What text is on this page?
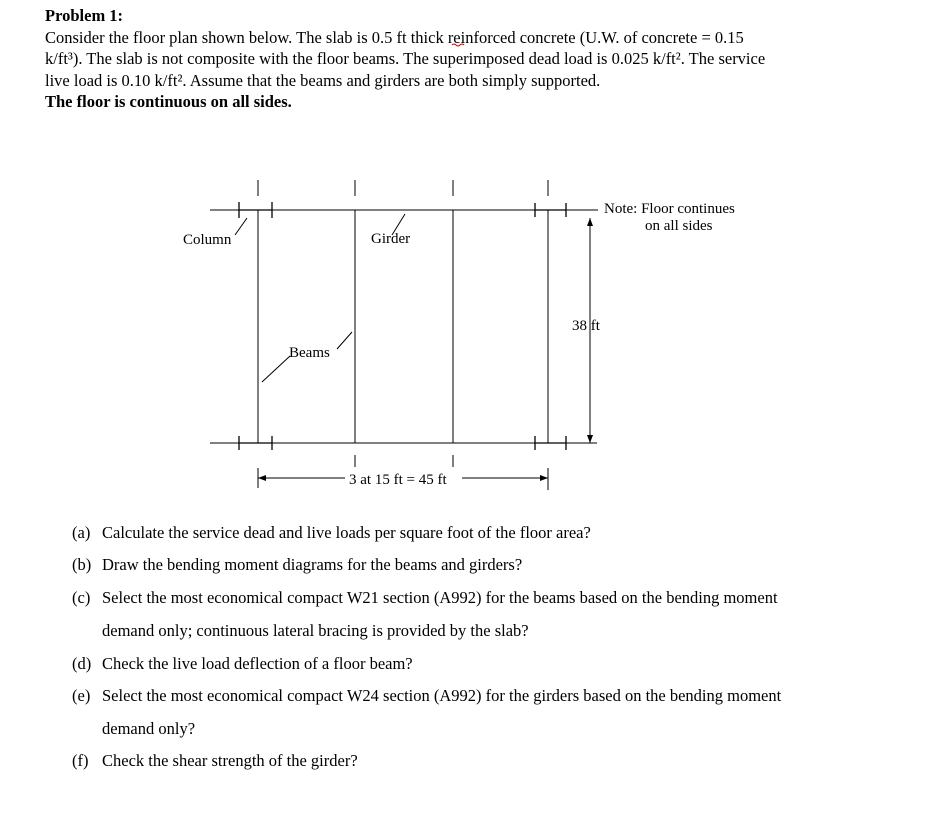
Problem 1:
Consider the floor plan shown below. The slab is 0.5 ft thick reinforced concrete (U.W. of concrete = 0.15
k/ft³). The slab is not composite with the floor beams. The superimposed dead load is 0.025 k/ft². The service
live load is 0.10 k/ft². Assume that the beams and girders are both simply supported.
The floor is continuous on all sides.
Column	Girder
Beams
Note: Floor continues
on all sides
38 ft
3 at 15 ft = 45 ft
(a) Calculate the service dead and live loads per square foot of the floor area?
(b) Draw the bending moment diagrams for the beams and girders?
(c) Select the most economical compact W21 section (A992) for the beams based on the bending moment
demand only; continuous lateral bracing is provided by the slab?
(d) Check the live load deflection of a floor beam?
(e) Select the most economical compact W24 section (A992) for the girders based on the bending moment
demand only?
(f) Check the shear strength of the girder?
